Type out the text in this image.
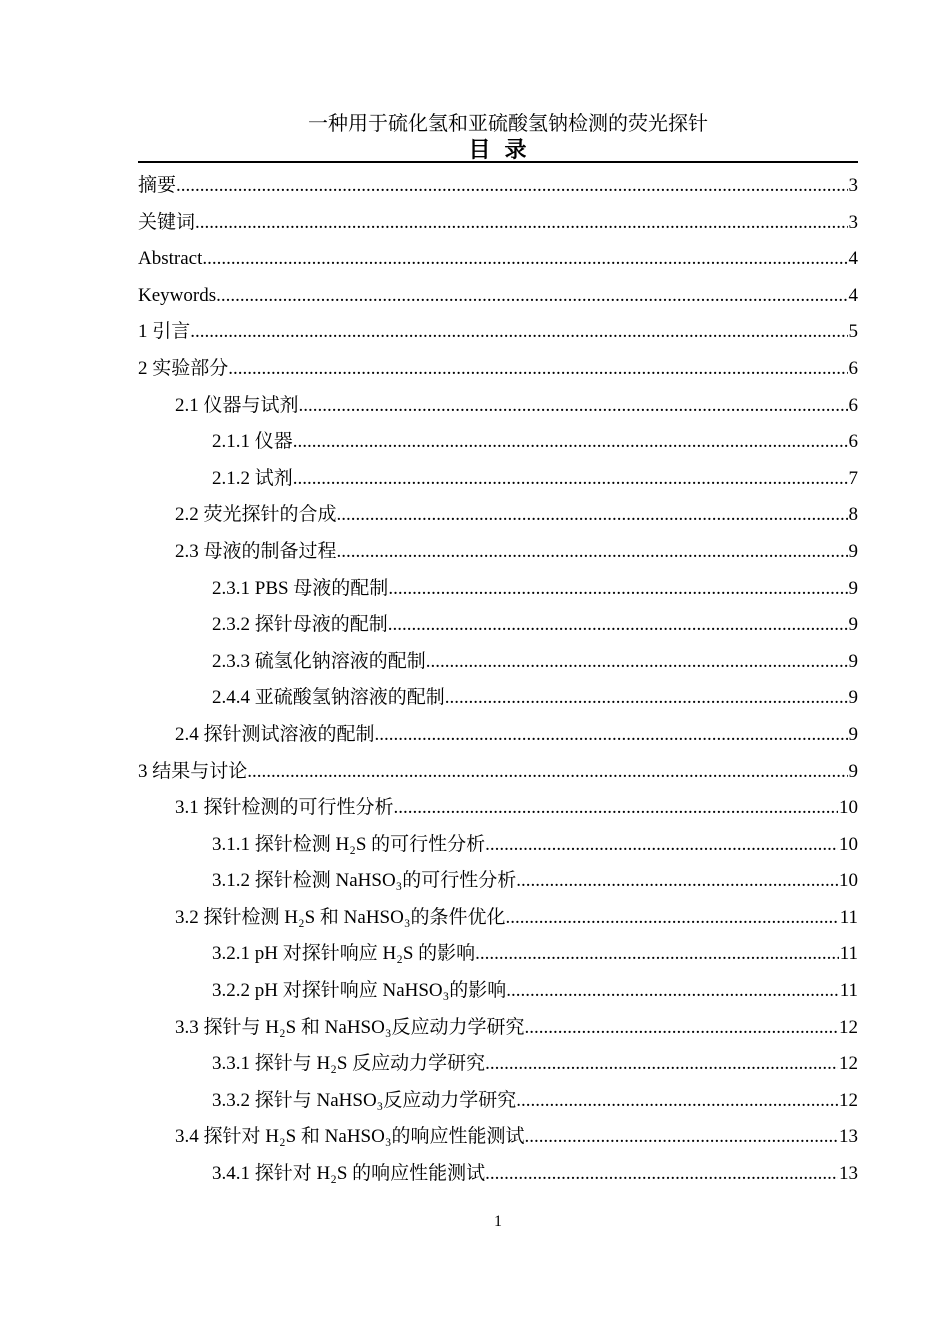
一种用于硫化氢和亚硫酸氢钠检测的荧光探针

目  录
摘要 .....	3
关键词 .....	3
Abstract .....	4
Keywords .....	4
1 引言 .....	5
2 实验部分 .....	6
2.1 仪器与试剂 .....	6
2.1.1 仪器 .....	6
2.1.2 试剂 .....	7
2.2 荧光探针的合成 .....	8
2.3 母液的制备过程 .....	9
2.3.1 PBS 母液的配制 .....	9
2.3.2 探针母液的配制 .....	9
2.3.3 硫氢化钠溶液的配制 .....	9
2.4.4 亚硫酸氢钠溶液的配制 .....	9
2.4 探针测试溶液的配制 .....	9
3 结果与讨论 .....	9
3.1 探针检测的可行性分析 .....	10
3.1.1 探针检测 H₂S 的可行性分析 .....	10
3.1.2 探针检测 NaHSO₃的可行性分析 .....	10
3.2 探针检测 H₂S 和 NaHSO₃的条件优化 .....	11
3.2.1 pH 对探针响应 H₂S 的影响 .....	11
3.2.2 pH 对探针响应 NaHSO₃的影响 .....	11
3.3 探针与 H₂S 和 NaHSO₃反应动力学研究 .....	12
3.3.1 探针与 H₂S 反应动力学研究 .....	12
3.3.2 探针与 NaHSO₃反应动力学研究 .....	12
3.4 探针对 H₂S 和 NaHSO₃的响应性能测试 .....	13
3.4.1 探针对 H₂S 的响应性能测试 .....	13
1
